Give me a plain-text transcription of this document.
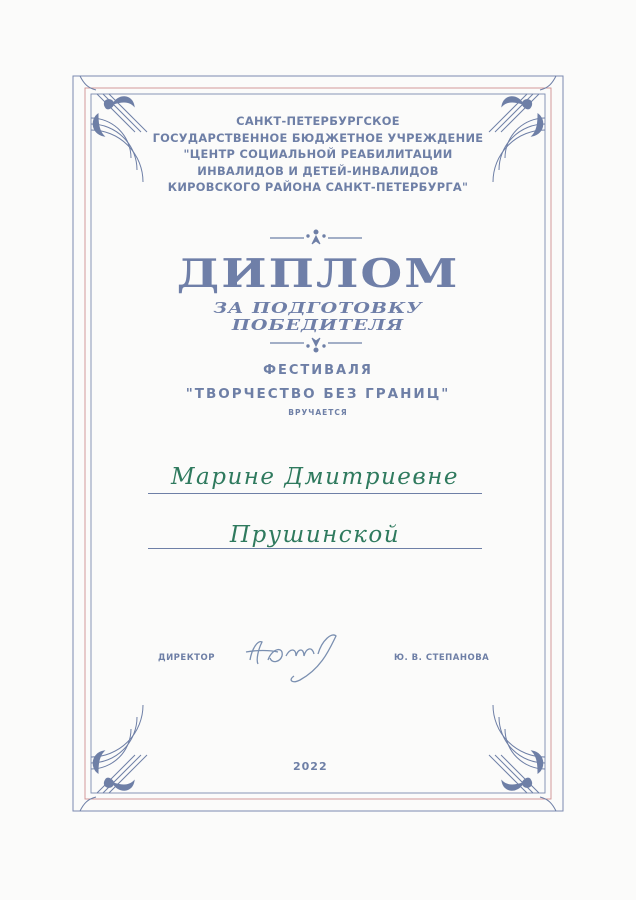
САНКТ-ПЕТЕРБУРГСКОЕ
ГОСУДАРСТВЕННОЕ БЮДЖЕТНОЕ УЧРЕЖДЕНИЕ
"ЦЕНТР СОЦИАЛЬНОЙ РЕАБИЛИТАЦИИ
ИНВАЛИДОВ И ДЕТЕЙ-ИНВАЛИДОВ
КИРОВСКОГО РАЙОНА САНКТ-ПЕТЕРБУРГА"
ДИПЛОМ
ЗА ПОДГОТОВКУ
ПОБЕДИТЕЛЯ
ФЕСТИВАЛЯ
"ТВОРЧЕСТВО БЕЗ ГРАНИЦ"
ВРУЧАЕТСЯ
Марине Дмитриевне
Прушинской
ДИРЕКТОР	Ю. В. СТЕПАНОВА
2022
